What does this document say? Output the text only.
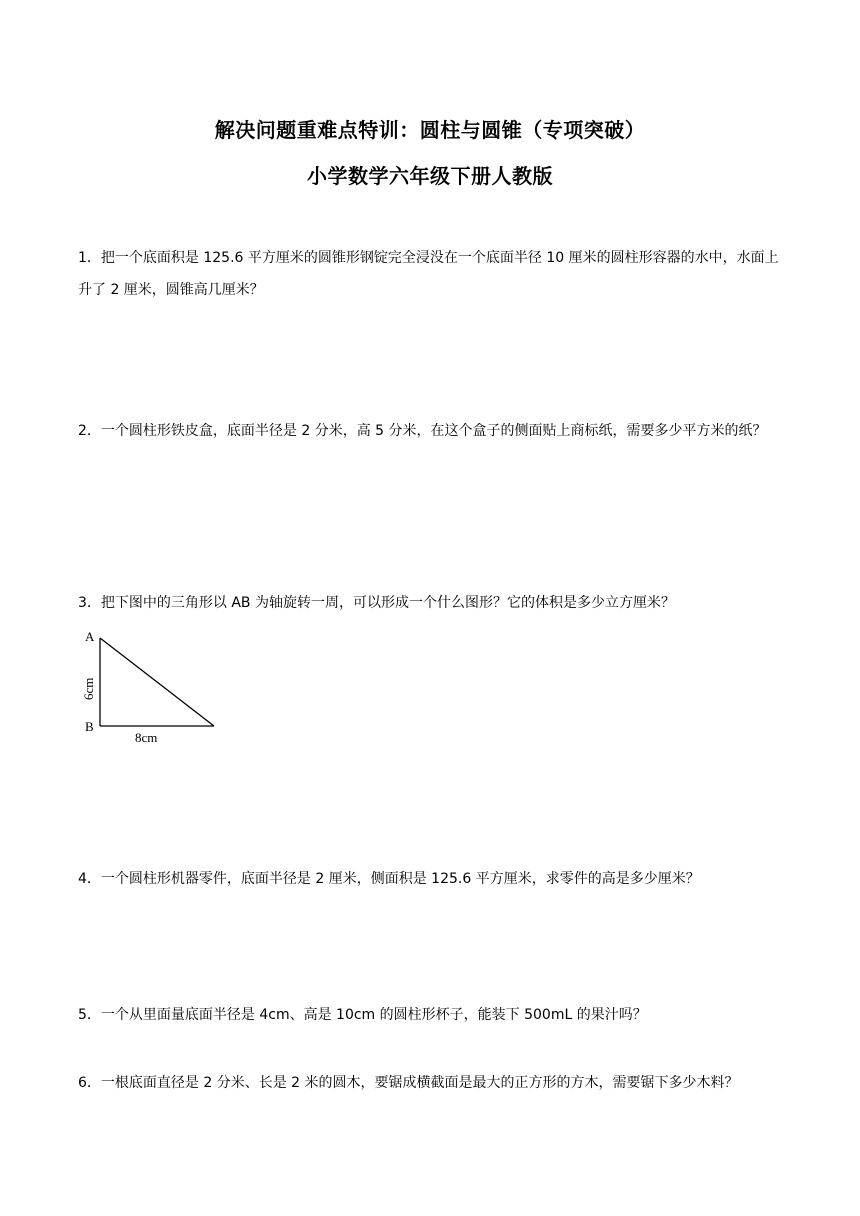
解决问题重难点特训：圆柱与圆锥（专项突破）
小学数学六年级下册人教版

1．把一个底面积是 125.6 平方厘米的圆锥形钢锭完全浸没在一个底面半径 10 厘米的圆柱形容器的水中，水面上升了 2 厘米，圆锥高几厘米？

2．一个圆柱形铁皮盒，底面半径是 2 分米，高 5 分米，在这个盒子的侧面贴上商标纸，需要多少平方米的纸？

3．把下图中的三角形以 AB 为轴旋转一周，可以形成一个什么图形？它的体积是多少立方厘米？

A
B
6cm
8cm

4．一个圆柱形机器零件，底面半径是 2 厘米，侧面积是 125.6 平方厘米，求零件的高是多少厘米？

5．一个从里面量底面半径是 4cm、高是 10cm 的圆柱形杯子，能装下 500mL 的果汁吗？

6．一根底面直径是 2 分米、长是 2 米的圆木，要锯成横截面是最大的正方形的方木，需要锯下多少木料？
